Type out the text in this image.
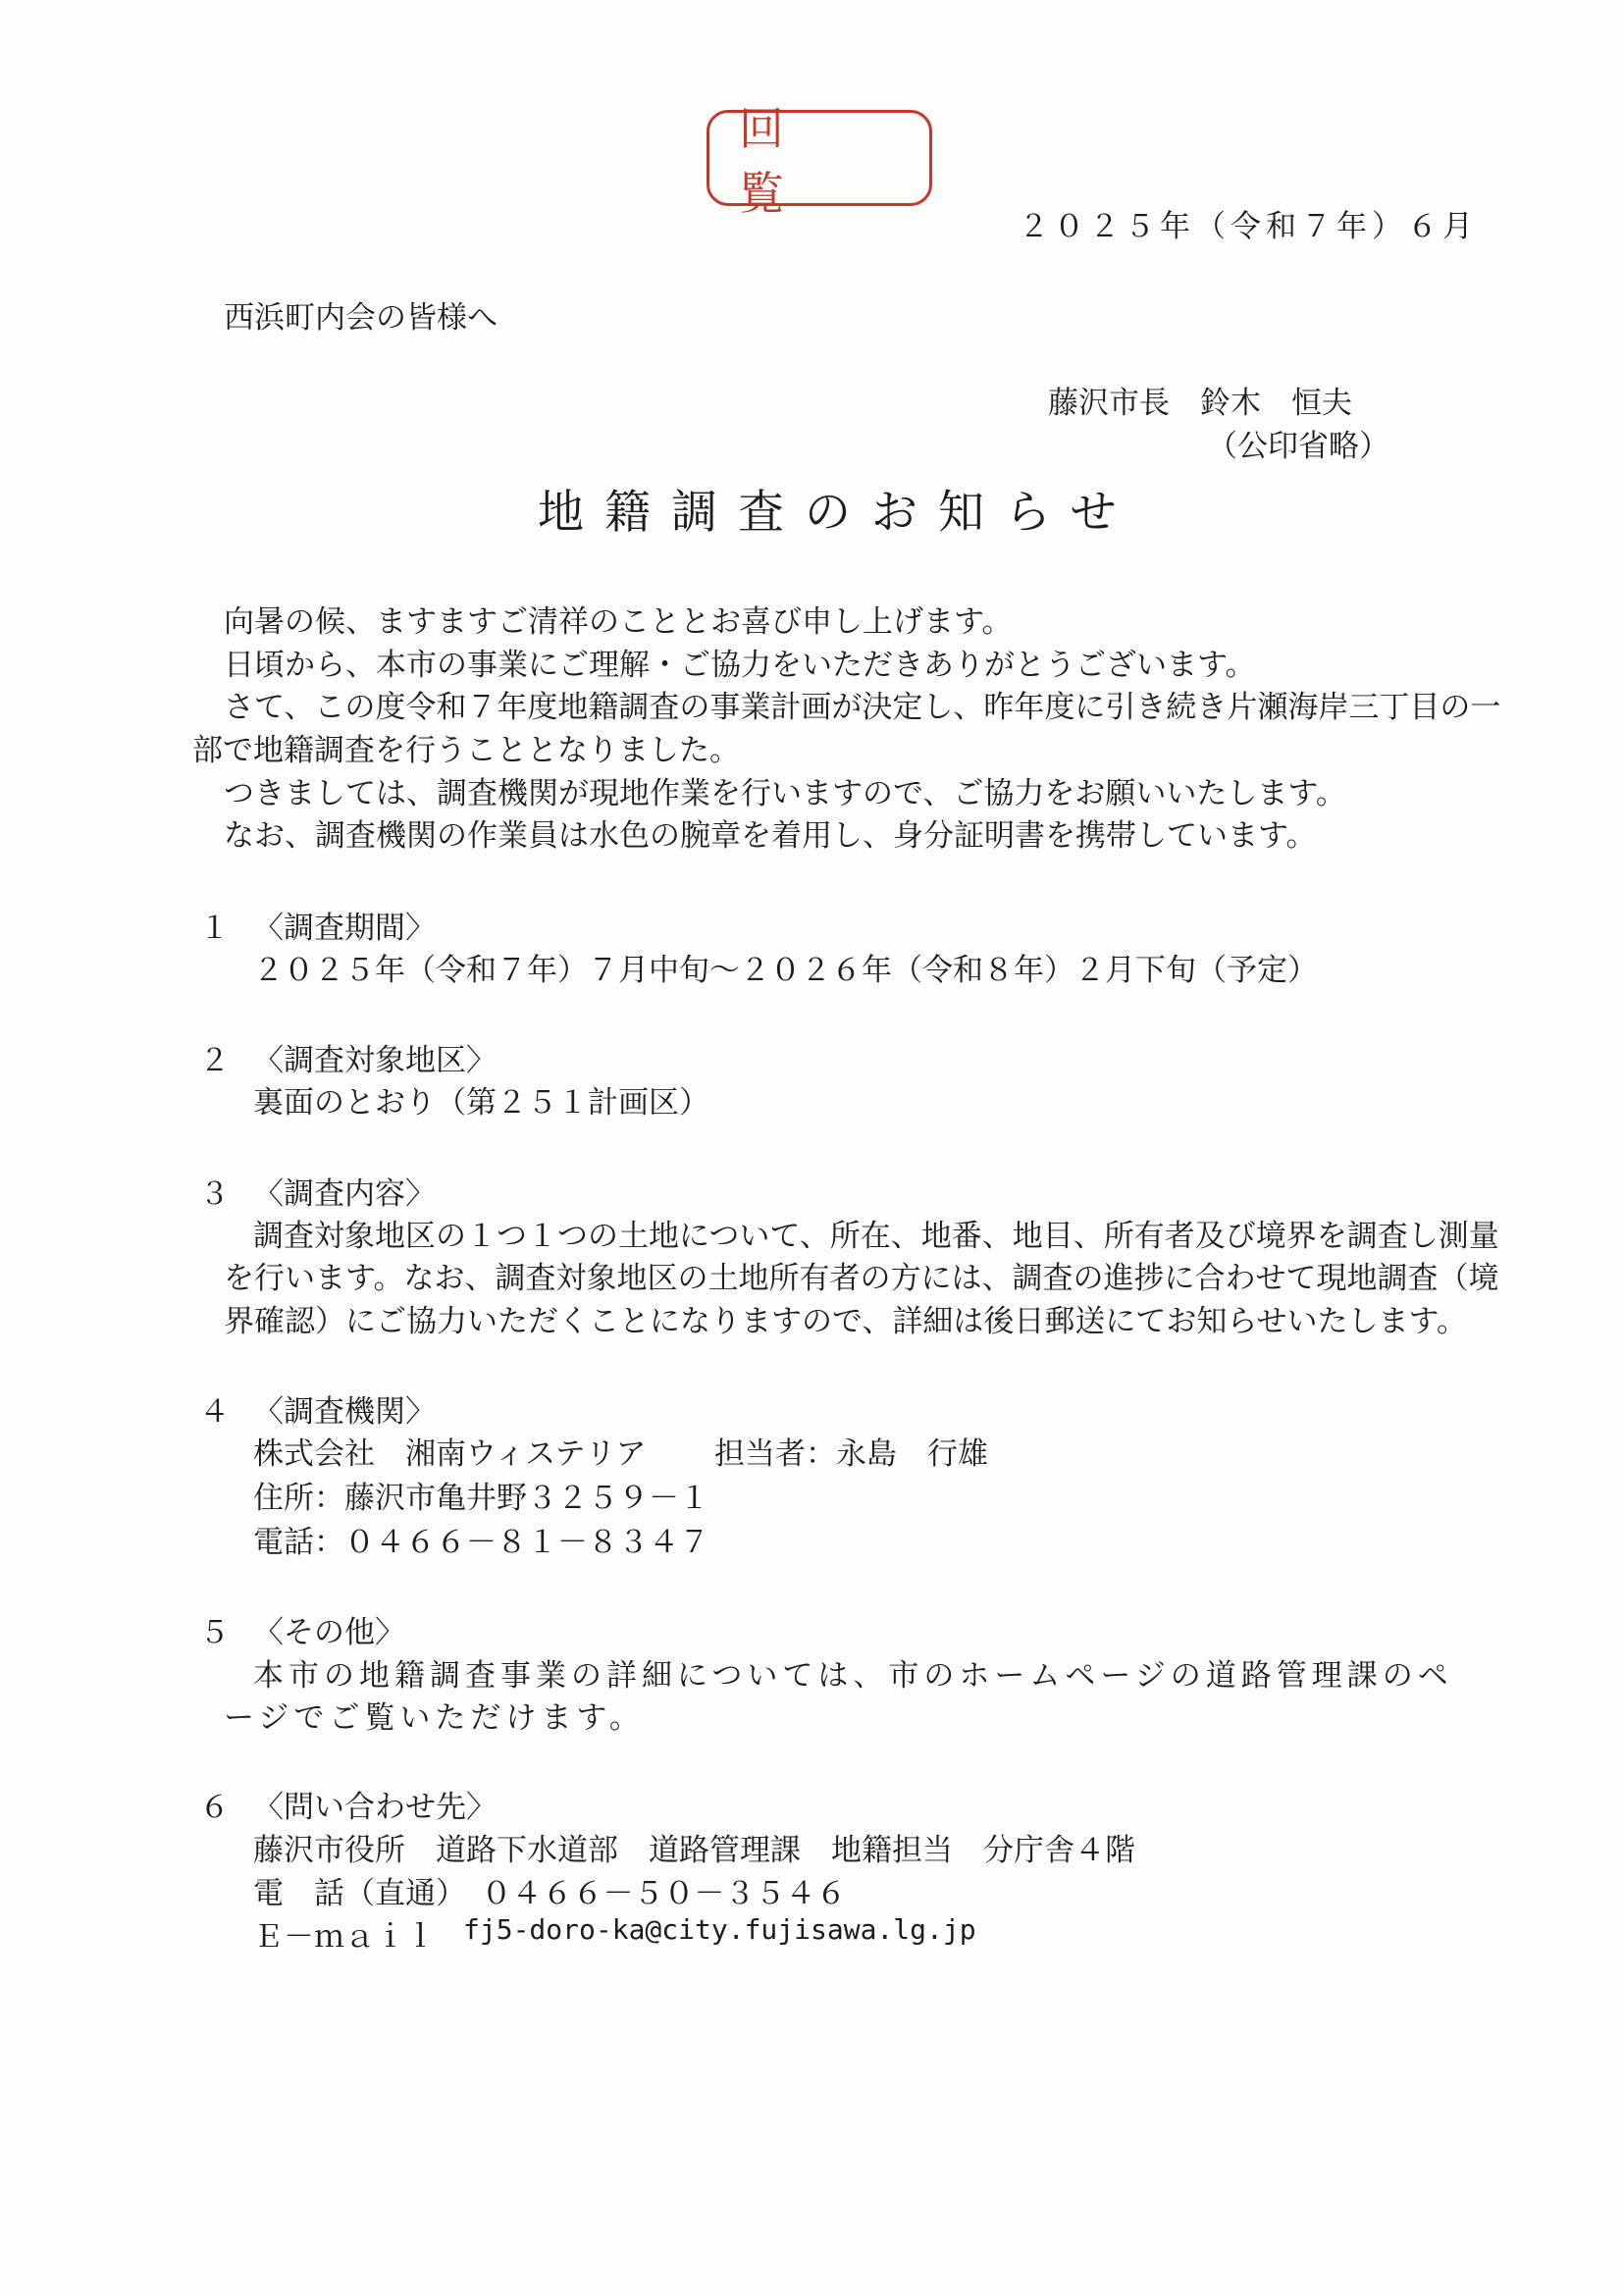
回 覧
２０２５年（令和７年）６月
西浜町内会の皆様へ
藤沢市長　鈴木　恒夫
（公印省略）
地籍調査のお知らせ
向暑の候、ますますご清祥のこととお喜び申し上げます。
日頃から、本市の事業にご理解・ご協力をいただきありがとうございます。
さて、この度令和７年度地籍調査の事業計画が決定し、昨年度に引き続き片瀬海岸三丁目の一
部で地籍調査を行うこととなりました。
つきましては、調査機関が現地作業を行いますので、ご協力をお願いいたします。
なお、調査機関の作業員は水色の腕章を着用し、身分証明書を携帯しています。
１ 〈調査期間〉
２０２５年（令和７年）７月中旬～２０２６年（令和８年）２月下旬（予定）
２ 〈調査対象地区〉
裏面のとおり（第２５１計画区）
３ 〈調査内容〉
調査対象地区の１つ１つの土地について、所在、地番、地目、所有者及び境界を調査し測量
を行います。なお、調査対象地区の土地所有者の方には、調査の進捗に合わせて現地調査（境
界確認）にご協力いただくことになりますので、詳細は後日郵送にてお知らせいたします。
４ 〈調査機関〉
株式会社　湘南ウィステリア 担当者：永島　行雄
住所：藤沢市亀井野３２５９－１
電話：０４６６－８１－８３４７
５ 〈その他〉
本市の地籍調査事業の詳細については、市のホームページの道路管理課のペ
ージでご覧いただけます。
６ 〈問い合わせ先〉
藤沢市役所　道路下水道部　道路管理課　地籍担当　分庁舎４階
電　話（直通）　０４６６－５０－３５４６
Ｅ－ｍａｉｌ fj5-doro-ka@city.fujisawa.lg.jp
